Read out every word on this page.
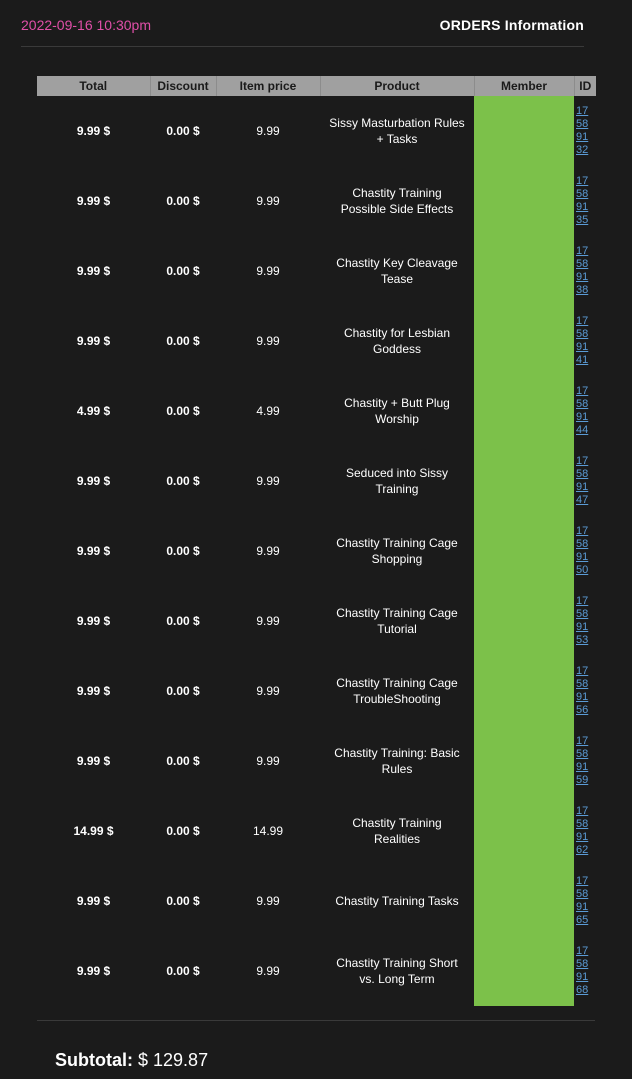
ORDERS Information
2022-09-16 10:30pm
ID	Member	Product	Item price	Discount	Total

17589132		Sissy Masturbation Rules + Tasks	9.99	$ 0.00	$ 9.99

17589135		Chastity Training Possible Side Effects	9.99	$ 0.00	$ 9.99

17589138		Chastity Key Cleavage Tease	9.99	$ 0.00	$ 9.99

17589141		Chastity for Lesbian Goddess	9.99	$ 0.00	$ 9.99

17589144		Chastity + Butt Plug Worship	4.99	$ 0.00	$ 4.99

17589147		Seduced into Sissy Training	9.99	$ 0.00	$ 9.99

17589150		Chastity Training Cage Shopping	9.99	$ 0.00	$ 9.99

17589153		Chastity Training Cage Tutorial	9.99	$ 0.00	$ 9.99

17589156		Chastity Training Cage TroubleShooting	9.99	$ 0.00	$ 9.99

17589159		Chastity Training: Basic Rules	9.99	$ 0.00	$ 9.99

17589162		Chastity Training Realities	14.99	$ 0.00	$ 14.99

17589165		Chastity Training Tasks	9.99	$ 0.00	$ 9.99

17589168		Chastity Training Short vs. Long Term	9.99	$ 0.00	$ 9.99
Subtotal: $ 129.87
